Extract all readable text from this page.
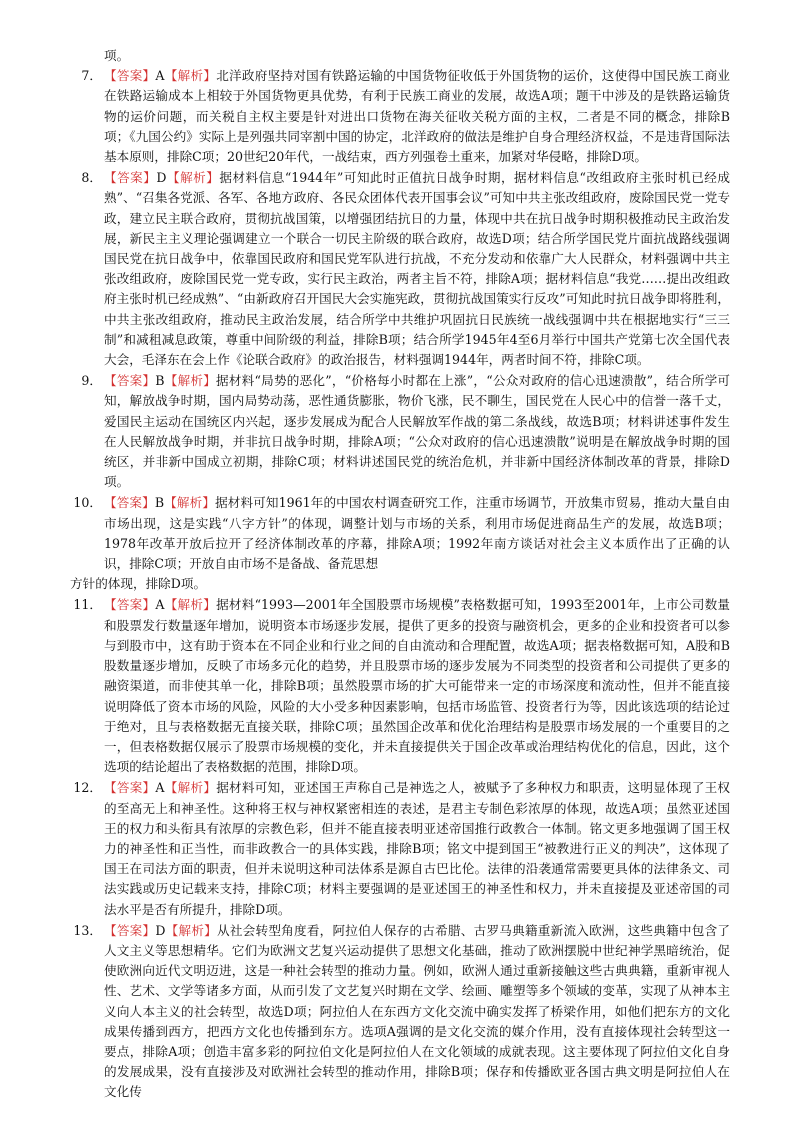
项。
7． 【答案】A【解析】北洋政府坚持对国有铁路运输的中国货物征收低于外国货物的运价，这使得中国民族工商业在铁路运输成本上相较于外国货物更具优势，有利于民族工商业的发展，故选A项；题干中涉及的是铁路运输货物的运价问题，而关税自主权主要是针对进出口货物在海关征收关税方面的主权，二者是不同的概念，排除B项；《九国公约》实际上是列强共同宰割中国的协定，北洋政府的做法是维护自身合理经济权益，不是违背国际法基本原则，排除C项；20世纪20年代，一战结束，西方列强卷土重来，加紧对华侵略，排除D项。
8． 【答案】D【解析】据材料信息“1944年”可知此时正值抗日战争时期，据材料信息“改组政府主张时机已经成熟”、“召集各党派、各军、各地方政府、各民众团体代表开国事会议”可知中共主张改组政府，废除国民党一党专政，建立民主联合政府，贯彻抗战国策，以增强团结抗日的力量，体现中共在抗日战争时期积极推动民主政治发展，新民主主义理论强调建立一个联合一切民主阶级的联合政府，故选D项；结合所学国民党片面抗战路线强调国民党在抗日战争中，依靠国民政府和国民党军队进行抗战，不充分发动和依靠广大人民群众，材料强调中共主张改组政府，废除国民党一党专政，实行民主政治，两者主旨不符，排除A项；据材料信息“我党……提出改组政府主张时机已经成熟”、“由新政府召开国民大会实施宪政，贯彻抗战国策实行反攻”可知此时抗日战争即将胜利，中共主张改组政府，推动民主政治发展，结合所学中共维护巩固抗日民族统一战线强调中共在根据地实行“三三制”和减租减息政策，尊重中间阶级的利益，排除B项；结合所学1945年4至6月举行中国共产党第七次全国代表大会，毛泽东在会上作《论联合政府》的政治报告，材料强调1944年，两者时间不符，排除C项。
9． 【答案】B【解析】据材料“局势的恶化”，“价格每小时都在上涨”，“公众对政府的信心迅速溃散”，结合所学可知，解放战争时期，国内局势动荡，恶性通货膨胀，物价飞涨，民不聊生，国民党在人民心中的信誉一落千丈，爱国民主运动在国统区内兴起，逐步发展成为配合人民解放军作战的第二条战线，故选B项；材料讲述事件发生在人民解放战争时期，并非抗日战争时期，排除A项；“公众对政府的信心迅速溃散”说明是在解放战争时期的国统区，并非新中国成立初期，排除C项；材料讲述国民党的统治危机，并非新中国经济体制改革的背景，排除D项。
10． 【答案】B【解析】据材料可知1961年的中国农村调查研究工作，注重市场调节，开放集市贸易，推动大量自由市场出现，这是实践“八字方针”的体现，调整计划与市场的关系，利用市场促进商品生产的发展，故选B项；1978年改革开放后拉开了经济体制改革的序幕，排除A项；1992年南方谈话对社会主义本质作出了正确的认识，排除C项；开放自由市场不是备战、备荒思想
方针的体现，排除D项。
11． 【答案】A【解析】据材料“1993—2001年全国股票市场规模”表格数据可知，1993至2001年，上市公司数量和股票发行数量逐年增加，说明资本市场逐步发展，提供了更多的投资与融资机会，更多的企业和投资者可以参与到股市中，这有助于资本在不同企业和行业之间的自由流动和合理配置，故选A项；据表格数据可知，A股和B股数量逐步增加，反映了市场多元化的趋势，并且股票市场的逐步发展为不同类型的投资者和公司提供了更多的融资渠道，而非使其单一化，排除B项；虽然股票市场的扩大可能带来一定的市场深度和流动性，但并不能直接说明降低了资本市场的风险，风险的大小受多种因素影响，包括市场监管、投资者行为等，因此该选项的结论过于绝对，且与表格数据无直接关联，排除C项；虽然国企改革和优化治理结构是股票市场发展的一个重要目的之一，但表格数据仅展示了股票市场规模的变化，并未直接提供关于国企改革或治理结构优化的信息，因此，这个选项的结论超出了表格数据的范围，排除D项。
12． 【答案】A【解析】据材料可知，亚述国王声称自己是神选之人，被赋予了多种权力和职责，这明显体现了王权的至高无上和神圣性。这种将王权与神权紧密相连的表述，是君主专制色彩浓厚的体现，故选A项；虽然亚述国王的权力和头衔具有浓厚的宗教色彩，但并不能直接表明亚述帝国推行政教合一体制。铭文更多地强调了国王权力的神圣性和正当性，而非政教合一的具体实践，排除B项；铭文中提到国王“被教进行正义的判决”，这体现了国王在司法方面的职责，但并未说明这种司法体系是源自古巴比伦。法律的沿袭通常需要更具体的法律条文、司法实践或历史记载来支持，排除C项；材料主要强调的是亚述国王的神圣性和权力，并未直接提及亚述帝国的司法水平是否有所提升，排除D项。
13． 【答案】D【解析】从社会转型角度看，阿拉伯人保存的古希腊、古罗马典籍重新流入欧洲，这些典籍中包含了人文主义等思想精华。它们为欧洲文艺复兴运动提供了思想文化基础，推动了欧洲摆脱中世纪神学黑暗统治，促使欧洲向近代文明迈进，这是一种社会转型的推动力量。例如，欧洲人通过重新接触这些古典典籍，重新审视人性、艺术、文学等诸多方面，从而引发了文艺复兴时期在文学、绘画、雕塑等多个领域的变革，实现了从神本主义向人本主义的社会转型，故选D项；阿拉伯人在东西方文化交流中确实发挥了桥梁作用，如他们把东方的文化成果传播到西方，把西方文化也传播到东方。选项A强调的是文化交流的媒介作用，没有直接体现社会转型这一要点，排除A项；创造丰富多彩的阿拉伯文化是阿拉伯人在文化领域的成就表现。这主要体现了阿拉伯文化自身的发展成果，没有直接涉及对欧洲社会转型的推动作用，排除B项；保存和传播欧亚各国古典文明是阿拉伯人在文化传
